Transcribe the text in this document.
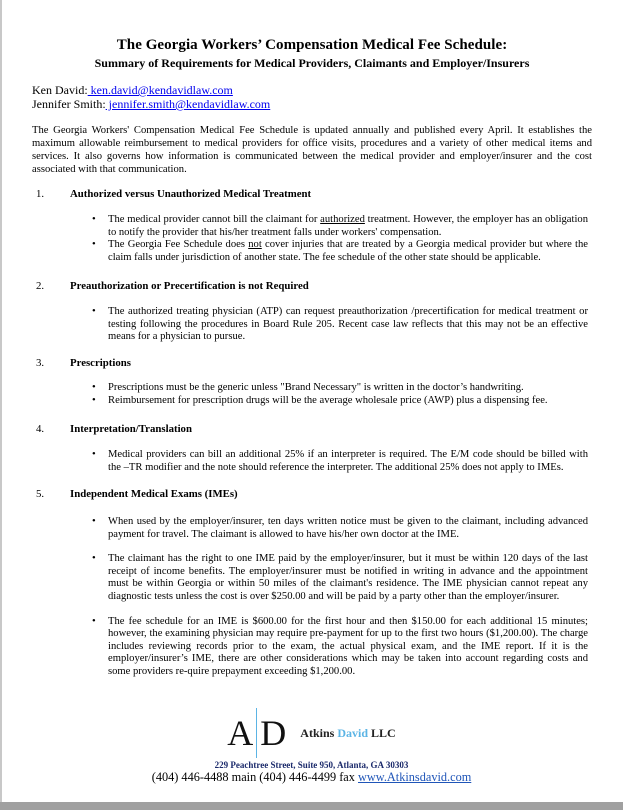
The Georgia Workers’ Compensation Medical Fee Schedule:
Summary of Requirements for Medical Providers, Claimants and Employer/Insurers
Ken David: ken.david@kendavidlaw.com
Jennifer Smith: jennifer.smith@kendavidlaw.com

The Georgia Workers' Compensation Medical Fee Schedule is updated annually and published every April. It establishes the maximum allowable reimbursement to medical providers for office visits, procedures and a variety of other medical items and services. It also governs how information is communicated between the medical provider and employer/insurer and the cost associated with that communication.

1. Authorized versus Unauthorized Medical Treatment
• The medical provider cannot bill the claimant for authorized treatment. However, the employer has an obligation to notify the provider that his/her treatment falls under workers' compensation.
• The Georgia Fee Schedule does not cover injuries that are treated by a Georgia medical provider but where the claim falls under jurisdiction of another state. The fee schedule of the other state should be applicable.
2. Preauthorization or Precertification is not Required
• The authorized treating physician (ATP) can request preauthorization /precertification for medical treatment or testing following the procedures in Board Rule 205. Recent case law reflects that this may not be an effective means for a physician to pursue.
3. Prescriptions
• Prescriptions must be the generic unless "Brand Necessary" is written in the doctor’s handwriting.
• Reimbursement for prescription drugs will be the average wholesale price (AWP) plus a dispensing fee.
4. Interpretation/Translation
• Medical providers can bill an additional 25% if an interpreter is required. The E/M code should be billed with the –TR modifier and the note should reference the interpreter. The additional 25% does not apply to IMEs.
5. Independent Medical Exams (IMEs)
• When used by the employer/insurer, ten days written notice must be given to the claimant, including advanced payment for travel. The claimant is allowed to have his/her own doctor at the IME.
• The claimant has the right to one IME paid by the employer/insurer, but it must be within 120 days of the last receipt of income benefits. The employer/insurer must be notified in writing in advance and the appointment must be within Georgia or within 50 miles of the claimant's residence. The IME physician cannot repeat any diagnostic tests unless the cost is over $250.00 and will be paid by a party other than the employer/insurer.
• The fee schedule for an IME is $600.00 for the first hour and then $150.00 for each additional 15 minutes; however, the examining physician may require pre-payment for up to the first two hours ($1,200.00). The charge includes reviewing records prior to the exam, the actual physical exam, and the IME report. If it is the employer/insurer’s IME, there are other considerations which may be taken into account regarding costs and some providers re-quire prepayment exceeding $1,200.00.
A D Atkins David LLC
229 Peachtree Street, Suite 950, Atlanta, GA 30303
(404) 446-4488 main (404) 446-4499 fax www.Atkinsdavid.com
